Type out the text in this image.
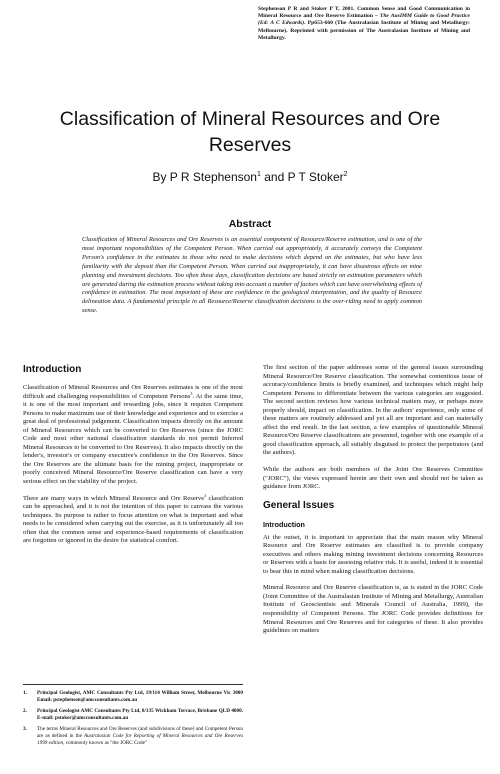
Stephenson P R and Stoker P T, 2001. Common Sense and Good Communication in Mineral Resource and Ore Reserve Estimation – The AusIMM Guide to Good Practice (Ed: A C Edwards). Pp653-660 (The Australasian Institute of Mining and Metallurgy: Melbourne). Reprinted with permission of The Australasian Institute of Mining and Metallurgy.
Classification of Mineral Resources and Ore Reserves
By P R Stephenson$^1$ and P T Stoker$^2$
Abstract
Classification of Mineral Resources and Ore Reserves is an essential component of Resource/Reserve estimation, and is one of the most important responsibilities of the Competent Person. When carried out appropriately, it accurately conveys the Competent Person's confidence in the estimates to those who need to make decisions which depend on the estimates, but who have less familiarity with the deposit than the Competent Person. When carried out inappropriately, it can have disastrous effects on mine planning and investment decisions. Too often these days, classification decisions are based strictly on estimation parameters which are generated during the estimation process without taking into account a number of factors which can have overwhelming effects of confidence in estimation. The most important of these are confidence in the geological interpretation, and the quality of Resource delineation data. A fundamental principle in all Resource/Reserve classification decisions is the over-riding need to apply common sense.
Introduction

Classification of Mineral Resources and Ore Reserves estimates is one of the most difficult and challenging responsibilities of Competent Persons$^3$. At the same time, it is one of the most important and rewarding jobs, since it requires Competent Persons to make maximum use of their knowledge and experience and to exercise a great deal of professional judgement. Classification impacts directly on the amount of Mineral Resources which can be converted to Ore Reserves (since the JORC Code and most other national classification standards do not permit Inferred Mineral Resources to be converted to Ore Reserves). It also impacts directly on the lender's, investor's or company executive's confidence in the Ore Reserves. Since the Ore Reserves are the ultimate basis for the mining project, inappropriate or poorly conceived Mineral Resource/Ore Reserve classification can have a very serious effect on the viability of the project.

There are many ways in which Mineral Resource and Ore Reserve$^3$ classification can be approached, and it is not the intention of this paper to canvass the various techniques. Its purpose is rather to focus attention on what is important and what needs to be considered when carrying out the exercise, as it is unfortunately all too often that the common sense and experience-based requirements of classification are forgotten or ignored in the desire for statistical comfort.

The first section of the paper addresses some of the general issues surrounding Mineral Resource/Ore Reserve classification. The somewhat contentious issue of accuracy/confidence limits is briefly examined, and techniques which might help Competent Persons to differentiate between the various categories are suggested. The second section reviews how various technical matters may, or perhaps more properly should, impact on classification. In the authors' experience, only some of these matters are routinely addressed and yet all are important and can materially affect the end result. In the last section, a few examples of questionable Mineral Resource/Ore Reserve classifications are presented, together with one example of a good classification approach, all suitably disguised to protect the perpetrators (and the authors).

While the authors are both members of the Joint Ore Reserves Committee ("JORC"), the views expressed herein are their own and should not be taken as guidance from JORC.

General Issues
Introduction

At the outset, it is important to appreciate that the main reason why Mineral Resource and Ore Reserve estimates are classified is to provide company executives and others making mining investment decisions concerning Resources or Reserves with a basis for assessing relative risk. It is useful, indeed it is essential to bear this in mind when making classification decisions.

Mineral Resource and Ore Reserve classification is, as is stated in the JORC Code (Joint Committee of the Australasian Institute of Mining and Metallurgy, Australian Institute of Geoscientists and Minerals Council of Australia, 1999), the responsibility of Competent Persons. The JORC Code provides definitions for Mineral Resources and Ore Reserves and for categories of these. It also provides guidelines on matters

1.	Principal Geologist, AMC Consultants Pty Ltd, 19/114 William Street, Melbourne Vic 3000 Email: pstephenson@amcconsultants.com.au
2.	Principal Geologist AMC Consultants Pty Ltd, 8/135 Wickham Terrace, Brisbane QLD 4000. E-mail: pstoker@amcconsultants.com.au
3.	The terms Mineral Resources and Ore Reserves (and subdivisions of these) and Competent Person are as defined in the Australasian Code for Reporting of Mineral Resources and Ore Reserves 1999 edition, commonly known as "the JORC Code"
